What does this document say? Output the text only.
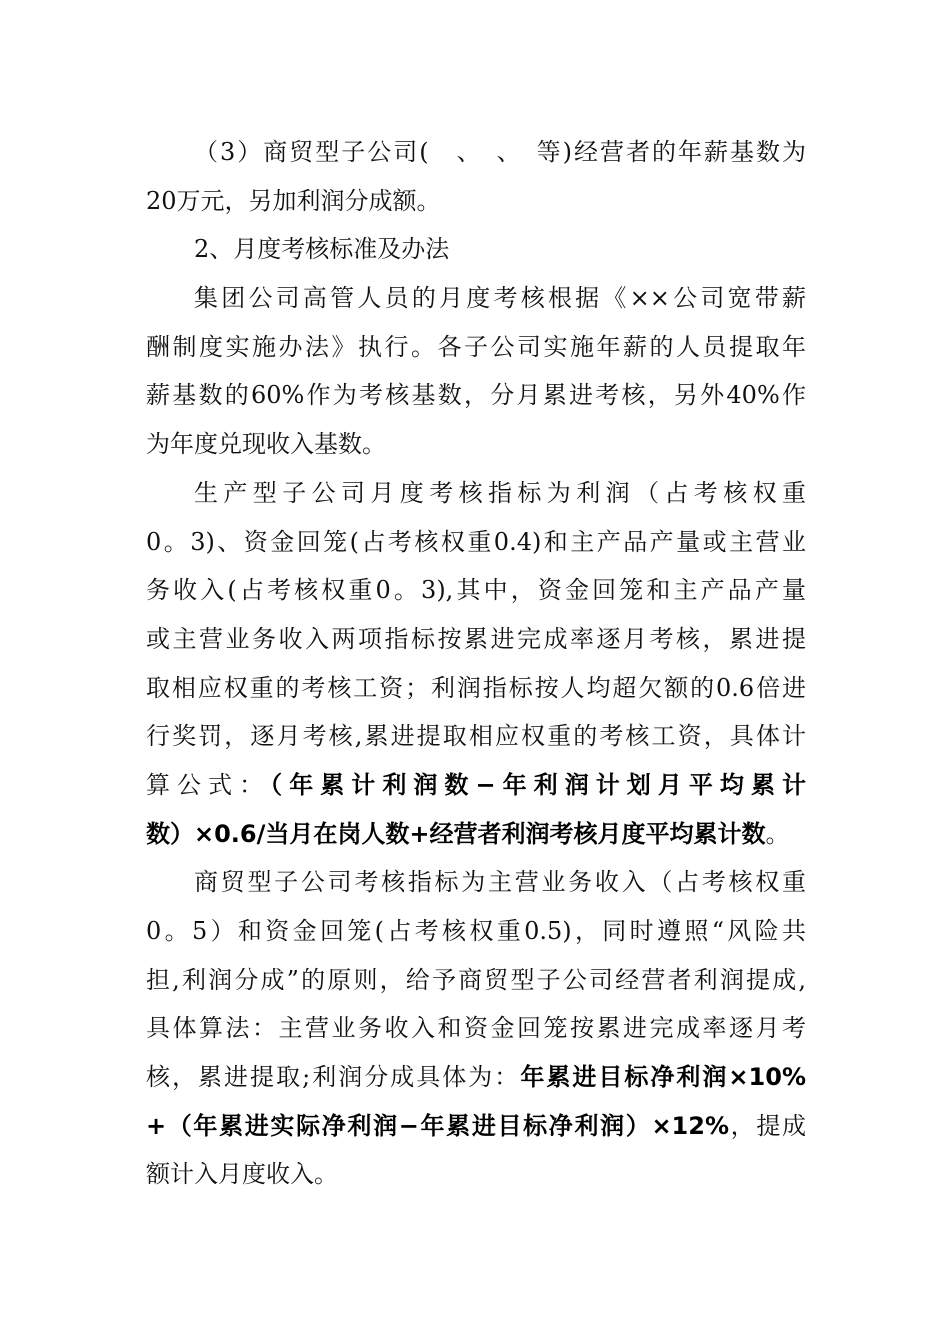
（3）商贸型子公司(　、　、　等)经营者的年薪基数为
20万元，另加利润分成额。
2、月度考核标准及办法
集团公司高管人员的月度考核根据《××公司宽带薪
酬制度实施办法》执行。各子公司实施年薪的人员提取年
薪基数的60%作为考核基数，分月累进考核，另外40%作
为年度兑现收入基数。
生产型子公司月度考核指标为利润（占考核权重
0。3)、资金回笼(占考核权重0.4)和主产品产量或主营业
务收入(占考核权重0。3),其中，资金回笼和主产品产量
或主营业务收入两项指标按累进完成率逐月考核，累进提
取相应权重的考核工资；利润指标按人均超欠额的0.6倍进
行奖罚，逐月考核,累进提取相应权重的考核工资，具体计
算公式：（年累计利润数−年利润计划月平均累计
数）×0.6/当月在岗人数+经营者利润考核月度平均累计数。
商贸型子公司考核指标为主营业务收入（占考核权重
0。5）和资金回笼(占考核权重0.5)，同时遵照“风险共
担,利润分成”的原则，给予商贸型子公司经营者利润提成,
具体算法：主营业务收入和资金回笼按累进完成率逐月考
核，累进提取;利润分成具体为：年累进目标净利润×10%
+（年累进实际净利润−年累进目标净利润）×12%，提成
额计入月度收入。
